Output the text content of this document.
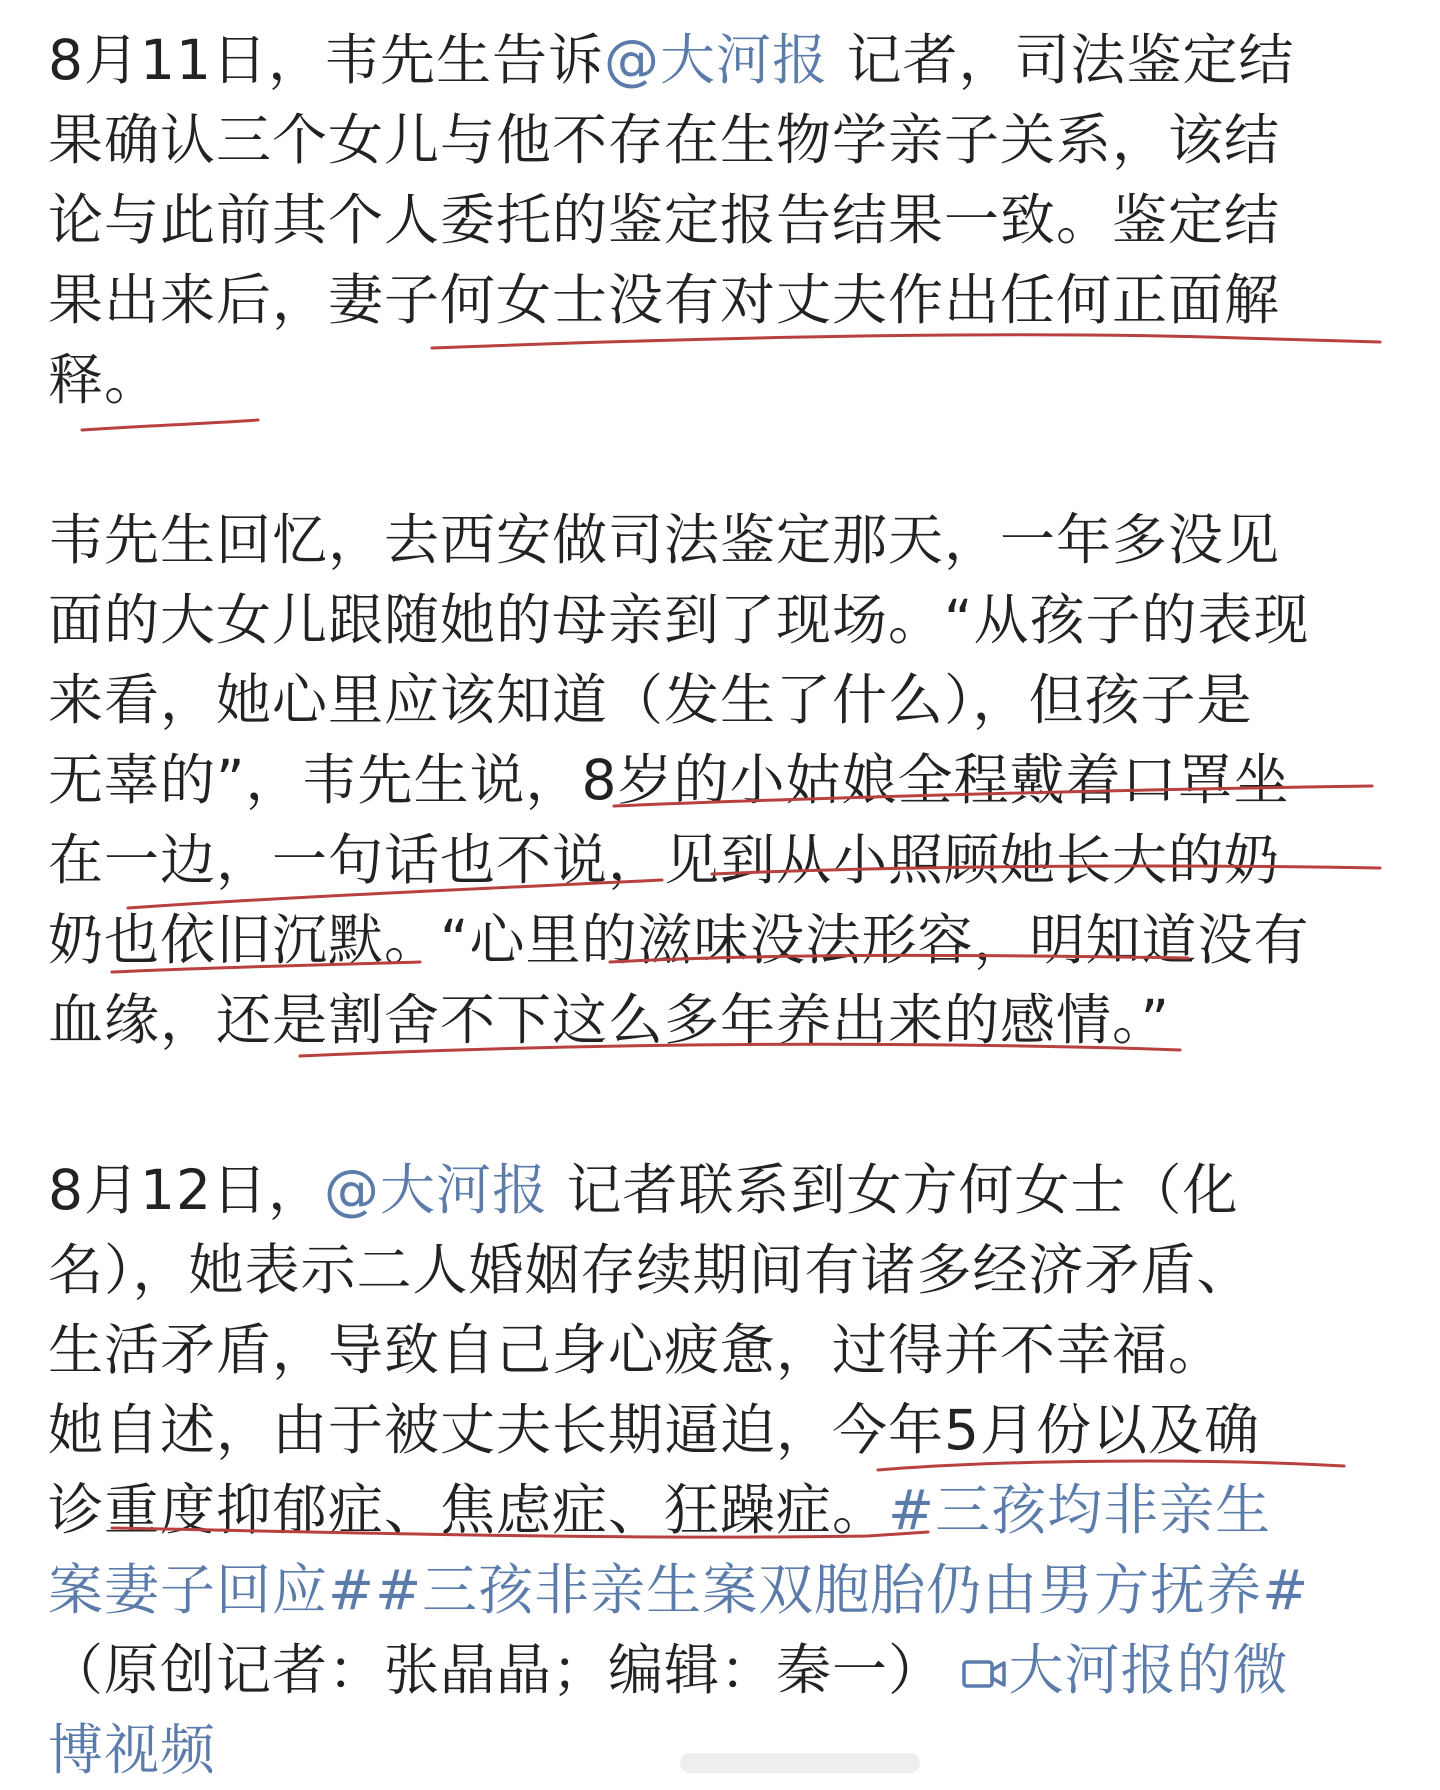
8月11日，韦先生告诉@大河报 记者，司法鉴定结
果确认三个女儿与他不存在生物学亲子关系，该结
论与此前其个人委托的鉴定报告结果一致。鉴定结
果出来后，妻子何女士没有对丈夫作出任何正面解
释。
韦先生回忆，去西安做司法鉴定那天，一年多没见
面的大女儿跟随她的母亲到了现场。“从孩子的表现
来看，她心里应该知道（发生了什么），但孩子是
无辜的”，韦先生说，8岁的小姑娘全程戴着口罩坐
在一边，一句话也不说，见到从小照顾她长大的奶
奶也依旧沉默。“心里的滋味没法形容，明知道没有
血缘，还是割舍不下这么多年养出来的感情。”
8月12日，@大河报 记者联系到女方何女士（化
名），她表示二人婚姻存续期间有诸多经济矛盾、
生活矛盾，导致自己身心疲惫，过得并不幸福。
她自述，由于被丈夫长期逼迫，今年5月份以及确
诊重度抑郁症、焦虑症、狂躁症。#三孩均非亲生
案妻子回应##三孩非亲生案双胞胎仍由男方抚养#
（原创记者：张晶晶；编辑：秦一）
大河报的微
博视频
